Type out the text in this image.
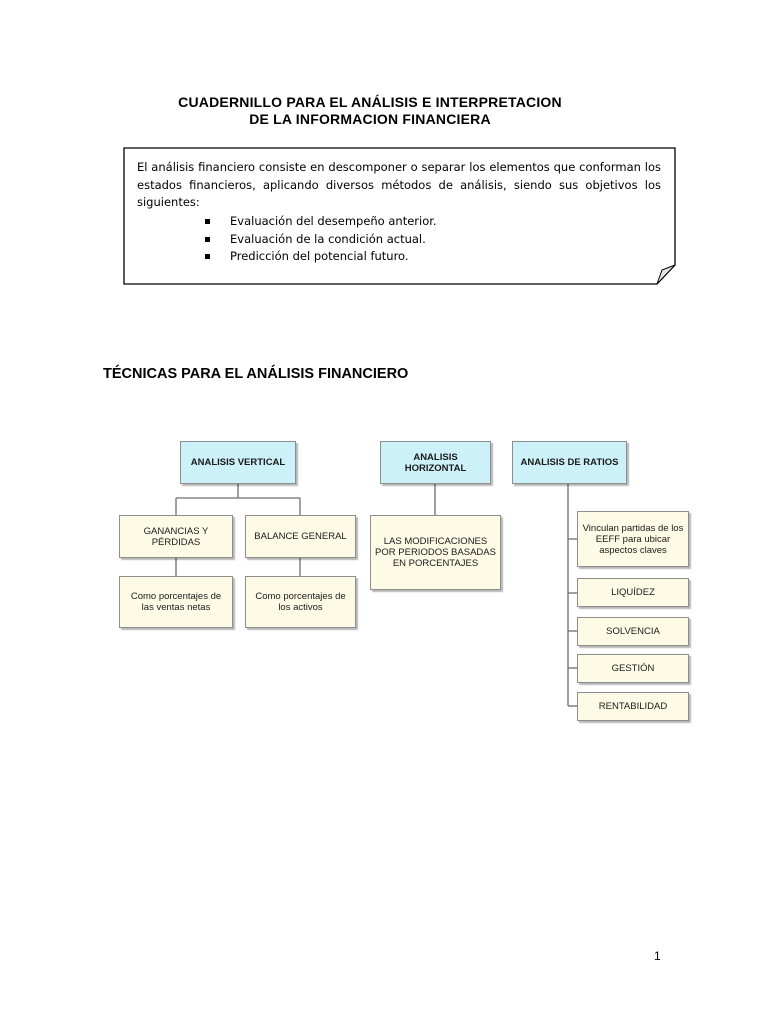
CUADERNILLO PARA EL ANÁLISIS E INTERPRETACION
DE LA INFORMACION FINANCIERA
El análisis financiero consiste en descomponer o separar los elementos que conforman los estados financieros, aplicando diversos métodos de análisis, siendo sus objetivos los siguientes:
Evaluación del desempeño anterior.
Evaluación de la condición actual.
Predicción del potencial futuro.
TÉCNICAS PARA EL ANÁLISIS FINANCIERO
ANALISIS VERTICAL
GANANCIAS Y PÉRDIDAS	BALANCE GENERAL
Como porcentajes de las ventas netas
Como porcentajes de los activos
ANALISIS HORIZONTAL
LAS MODIFICACIONES POR PERIODOS BASADAS EN PORCENTAJES
ANALISIS DE RATIOS
Vinculan partidas de los EEFF para ubicar aspectos claves
LIQUÍDEZ
SOLVENCIA
GESTIÓN
RENTABILIDAD
1
